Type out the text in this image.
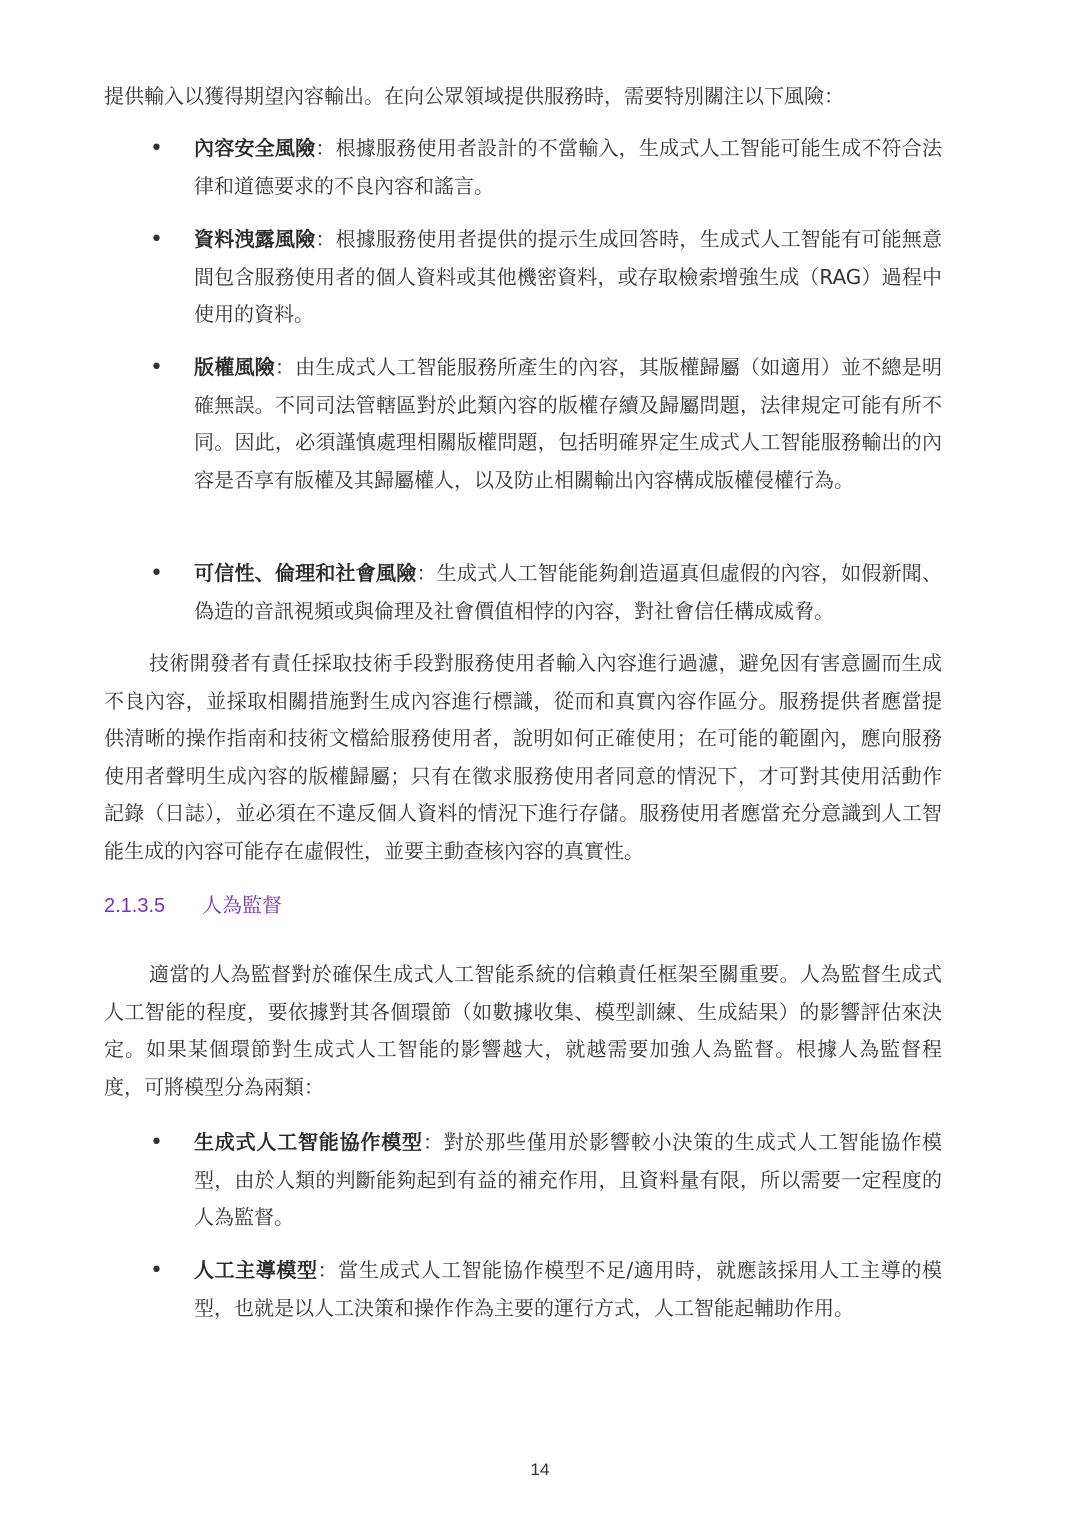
提供輸入以獲得期望內容輸出。在向公眾領域提供服務時，需要特別關注以下風險：

•	內容安全風險：根據服務使用者設計的不當輸入，生成式人工智能可能生成不符合法律和道德要求的不良內容和謠言。
•	資料洩露風險：根據服務使用者提供的提示生成回答時，生成式人工智能有可能無意間包含服務使用者的個人資料或其他機密資料，或存取檢索增強生成（RAG）過程中使用的資料。
•	版權風險：由生成式人工智能服務所產生的內容，其版權歸屬（如適用）並不總是明確無誤。不同司法管轄區對於此類內容的版權存續及歸屬問題，法律規定可能有所不同。因此，必須謹慎處理相關版權問題，包括明確界定生成式人工智能服務輸出的內容是否享有版權及其歸屬權人，以及防止相關輸出內容構成版權侵權行為。
•	可信性、倫理和社會風險：生成式人工智能能夠創造逼真但虛假的內容，如假新聞、偽造的音訊視頻或與倫理及社會價值相悖的內容，對社會信任構成威脅。

技術開發者有責任採取技術手段對服務使用者輸入內容進行過濾，避免因有害意圖而生成不良內容，並採取相關措施對生成內容進行標識，從而和真實內容作區分。服務提供者應當提供清晰的操作指南和技術文檔給服務使用者，說明如何正確使用；在可能的範圍內，應向服務使用者聲明生成內容的版權歸屬；只有在徵求服務使用者同意的情況下，才可對其使用活動作記錄（日誌），並必須在不違反個人資料的情況下進行存儲。服務使用者應當充分意識到人工智能生成的內容可能存在虛假性，並要主動查核內容的真實性。

2.1.3.5 人為監督

適當的人為監督對於確保生成式人工智能系統的信賴責任框架至關重要。人為監督生成式人工智能的程度，要依據對其各個環節（如數據收集、模型訓練、生成結果）的影響評估來決定。如果某個環節對生成式人工智能的影響越大，就越需要加強人為監督。根據人為監督程度，可將模型分為兩類：

•	生成式人工智能協作模型：對於那些僅用於影響較小決策的生成式人工智能協作模型，由於人類的判斷能夠起到有益的補充作用，且資料量有限，所以需要一定程度的人為監督。
•	人工主導模型：當生成式人工智能協作模型不足/適用時，就應該採用人工主導的模型，也就是以人工決策和操作作為主要的運行方式，人工智能起輔助作用。
14
